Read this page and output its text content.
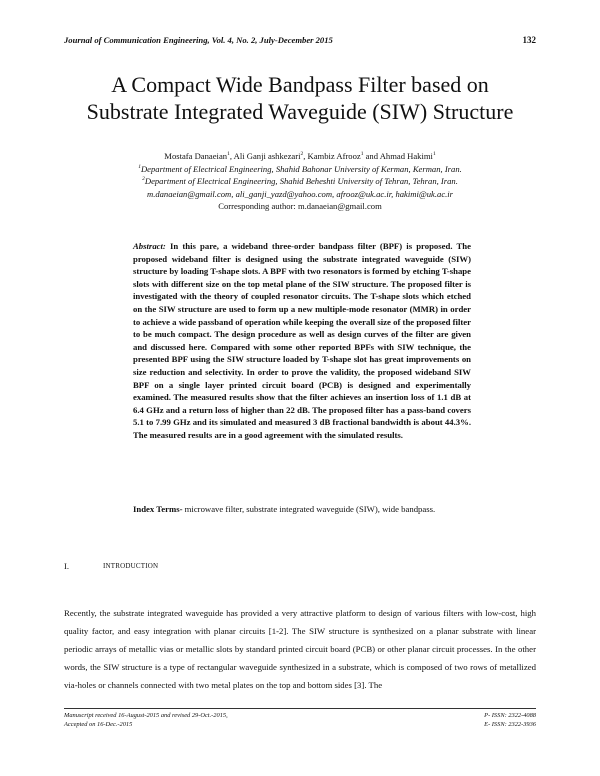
Journal of Communication Engineering, Vol. 4, No. 2, July-December 2015	132
A Compact Wide Bandpass Filter based on
Substrate Integrated Waveguide (SIW) Structure
Mostafa Danaeian$^1$, Ali Ganji ashkezari$^2$, Kambiz Afrooz$^1$ and Ahmad Hakimi$^1$
$^1$Department of Electrical Engineering, Shahid Bahonar University of Kerman, Kerman, Iran.
$^2$Department of Electrical Engineering, Shahid Beheshti University of Tehran, Tehran, Iran.
m.danaeian@gmail.com, ali_ganji_yazd@yahoo.com, afrooz@uk.ac.ir, hakimi@uk.ac.ir
Corresponding author: m.danaeian@gmail.com
Abstract: In this pare, a wideband three-order bandpass filter (BPF) is proposed. The proposed wideband filter is designed using the substrate integrated waveguide (SIW) structure by loading T-shape slots. A BPF with two resonators is formed by etching T-shape slots with different size on the top metal plane of the SIW structure. The proposed filter is investigated with the theory of coupled resonator circuits. The T-shape slots which etched on the SIW structure are used to form up a new multiple-mode resonator (MMR) in order to achieve a wide passband of operation while keeping the overall size of the proposed filter to be much compact. The design procedure as well as design curves of the filter are given and discussed here. Compared with some other reported BPFs with SIW technique, the presented BPF using the SIW structure loaded by T-shape slot has great improvements on size reduction and selectivity. In order to prove the validity, the proposed wideband SIW BPF on a single layer printed circuit board (PCB) is designed and experimentally examined. The measured results show that the filter achieves an insertion loss of 1.1 dB at 6.4 GHz and a return loss of higher than 22 dB. The proposed filter has a pass-band covers 5.1 to 7.99 GHz and its simulated and measured 3 dB fractional bandwidth is about 44.3%. The measured results are in a good agreement with the simulated results.
Index Terms- microwave filter, substrate integrated waveguide (SIW), wide bandpass.
I.	INTRODUCTION
Recently, the substrate integrated waveguide has provided a very attractive platform to design of various filters with low-cost, high quality factor, and easy integration with planar circuits [1-2]. The SIW structure is synthesized on a planar substrate with linear periodic arrays of metallic vias or metallic slots by standard printed circuit board (PCB) or other planar circuit processes. In the other words, the SIW structure is a type of rectangular waveguide synthesized in a substrate, which is composed of two rows of metallized via-holes or channels connected with two metal plates on the top and bottom sides [3]. The
Manuscript received 16-August-2015 and revised 29-Oct.-2015,
Accepted on 16-Dec.-2015
P- ISSN: 2322-4088
E- ISSN: 2322-3936
